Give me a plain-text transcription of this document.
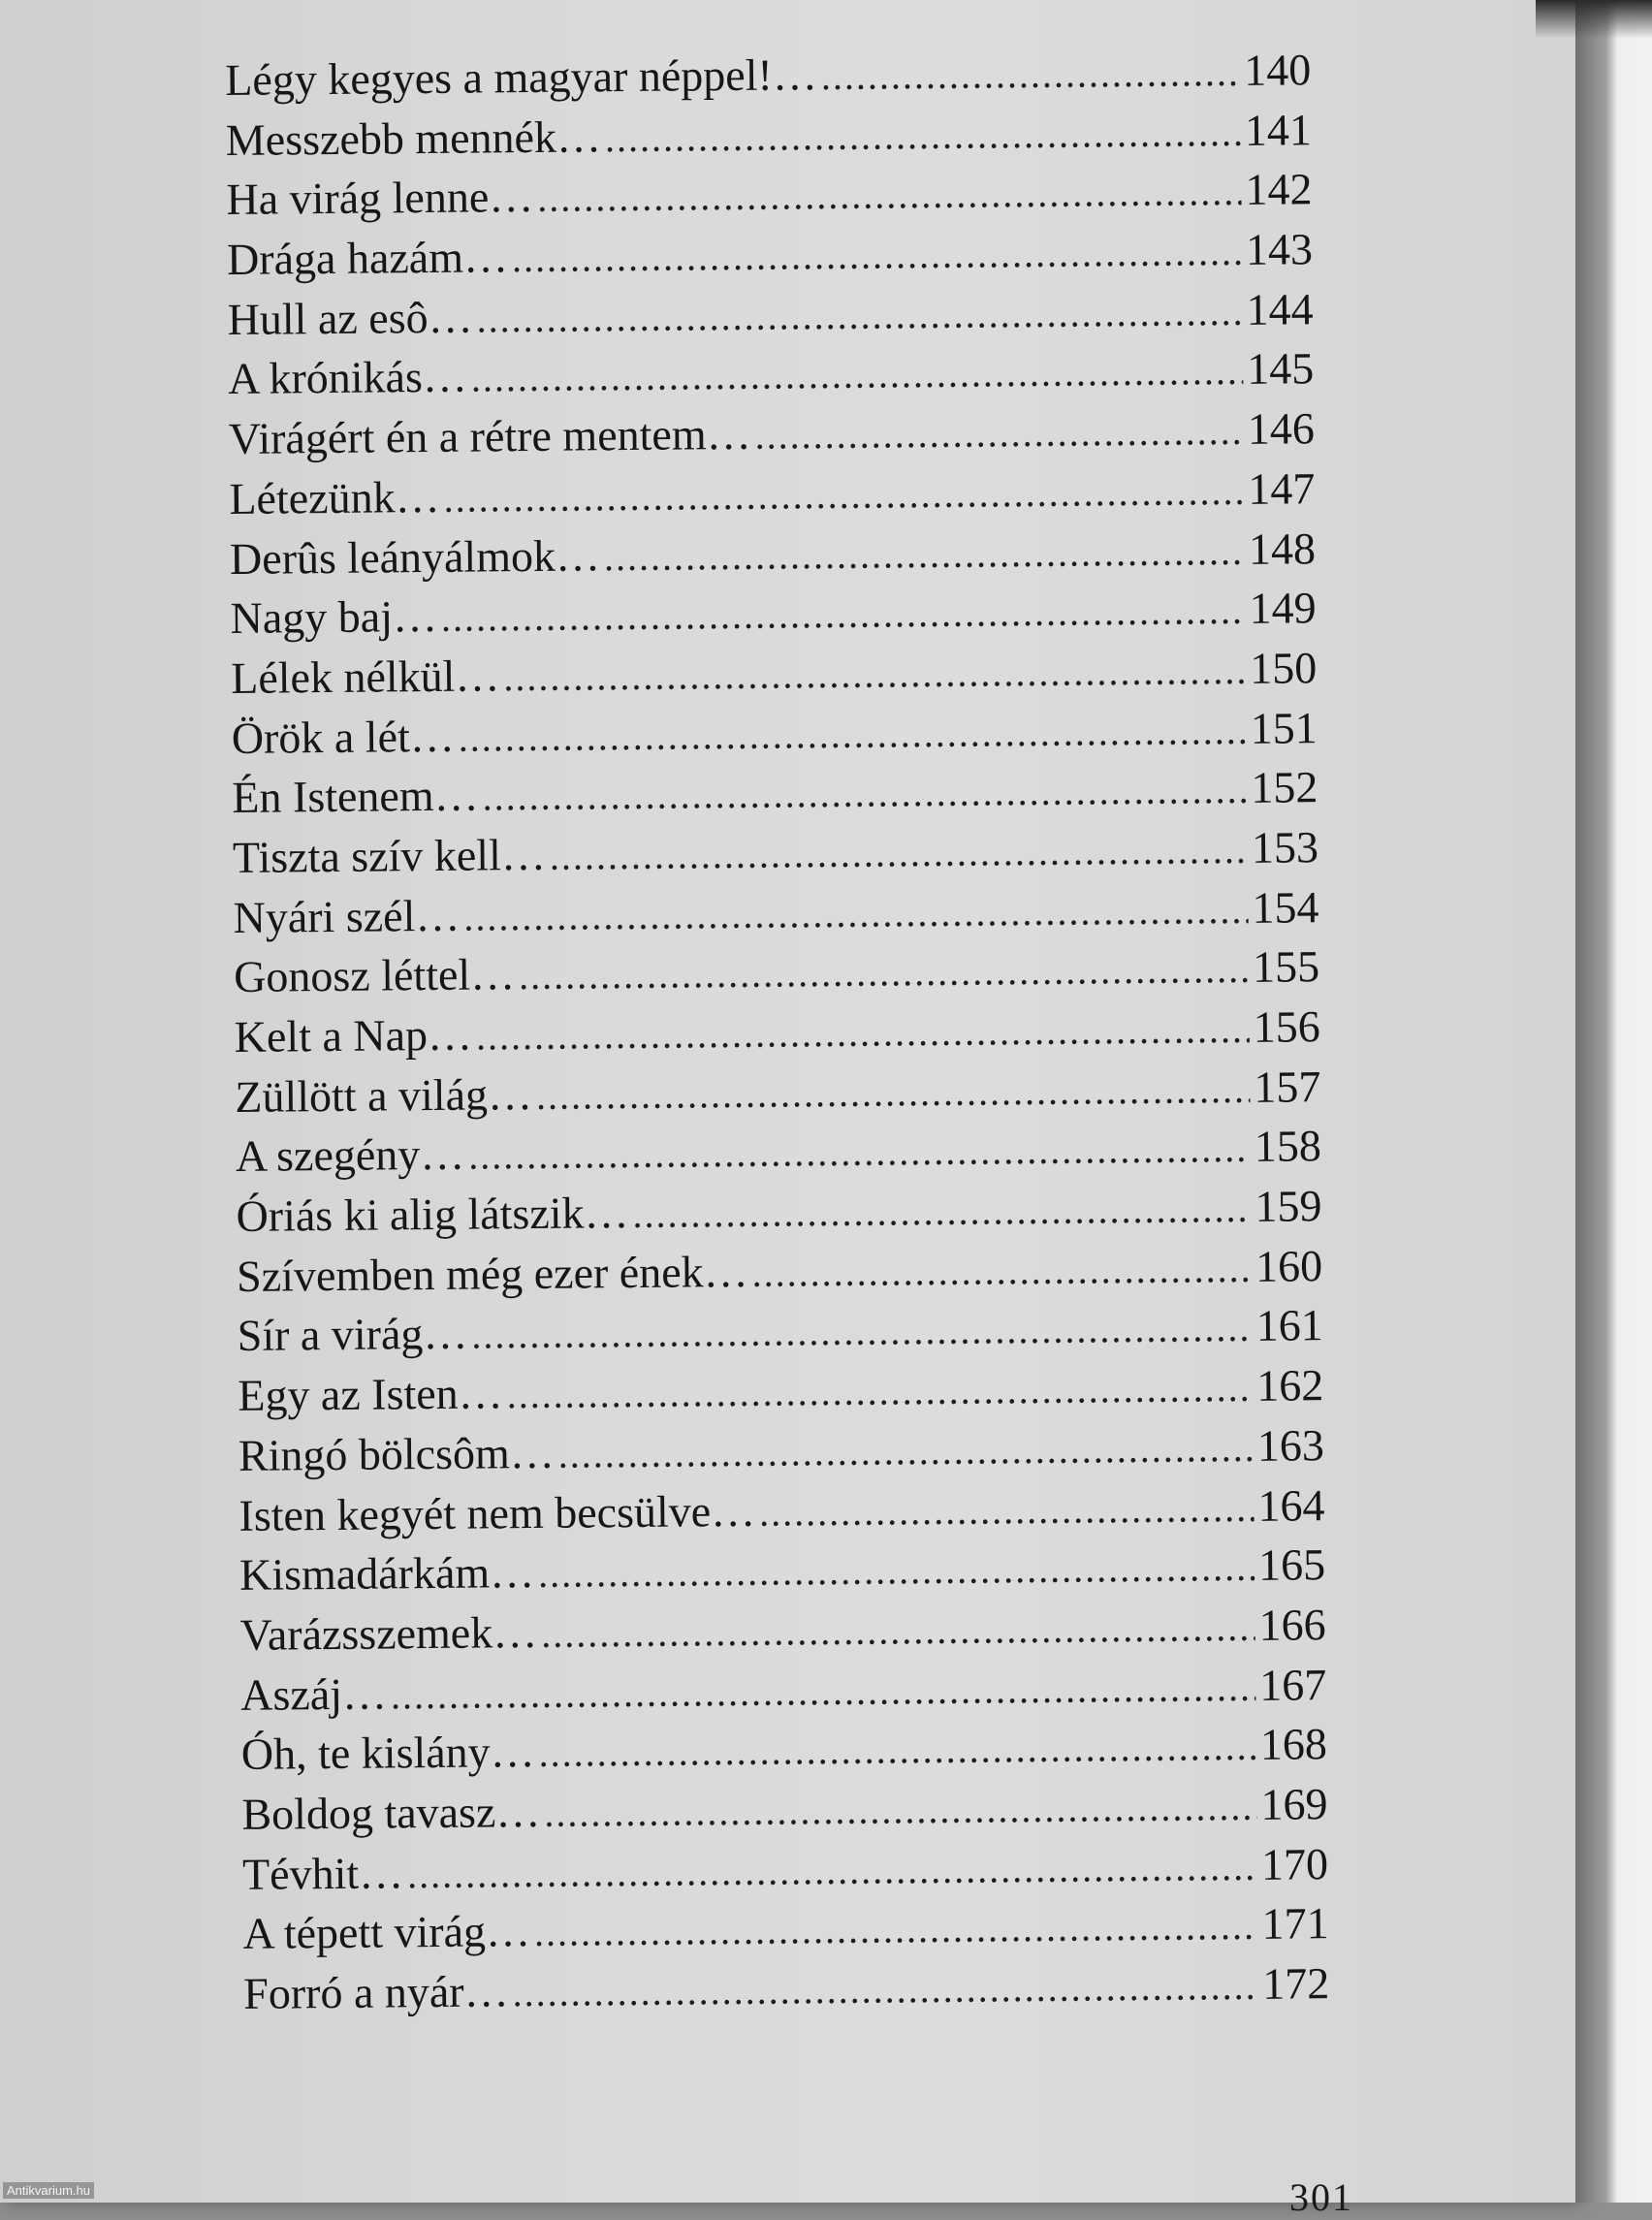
Légy kegyes a magyar néppel!… .....	140
Messzebb mennék… .....	141
Ha virág lenne… .....	142
Drága hazám… .....	143
Hull az esô… .....	144
A krónikás… .....	145
Virágért én a rétre mentem… .....	146
Létezünk… .....	147
Derûs leányálmok… .....	148
Nagy baj… .....	149
Lélek nélkül… .....	150
Örök a lét… .....	151
Én Istenem… .....	152
Tiszta szív kell… .....	153
Nyári szél… .....	154
Gonosz léttel… .....	155
Kelt a Nap… .....	156
Züllött a világ… .....	157
A szegény… .....	158
Óriás ki alig látszik… .....	159
Szívemben még ezer ének… .....	160
Sír a virág… .....	161
Egy az Isten… .....	162
Ringó bölcsôm… .....	163
Isten kegyét nem becsülve… .....	164
Kismadárkám… .....	165
Varázsszemek… .....	166
Aszáj… .....	167
Óh, te kislány… .....	168
Boldog tavasz… .....	169
Tévhit… .....	170
A tépett virág… .....	171
Forró a nyár… .....	172
301
Antikvarium.hu
